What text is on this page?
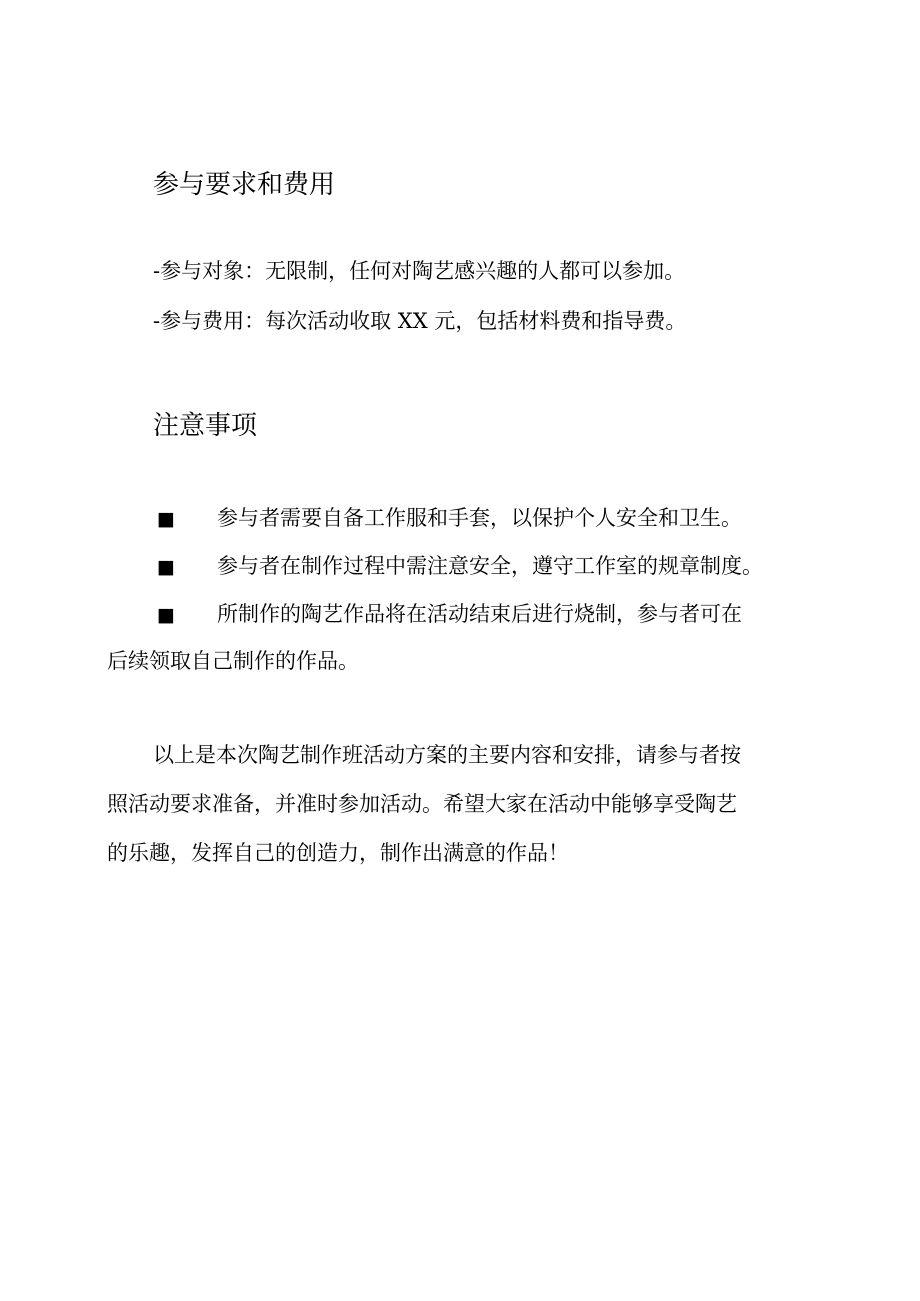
参与要求和费用
-参与对象：无限制，任何对陶艺感兴趣的人都可以参加。
-参与费用：每次活动收取 XX 元，包括材料费和指导费。
注意事项
■ 参与者需要自备工作服和手套，以保护个人安全和卫生。
■ 参与者在制作过程中需注意安全，遵守工作室的规章制度。
■ 所制作的陶艺作品将在活动结束后进行烧制，参与者可在
后续领取自己制作的作品。
以上是本次陶艺制作班活动方案的主要内容和安排，请参与者按
照活动要求准备，并准时参加活动。希望大家在活动中能够享受陶艺
的乐趣，发挥自己的创造力，制作出满意的作品！
